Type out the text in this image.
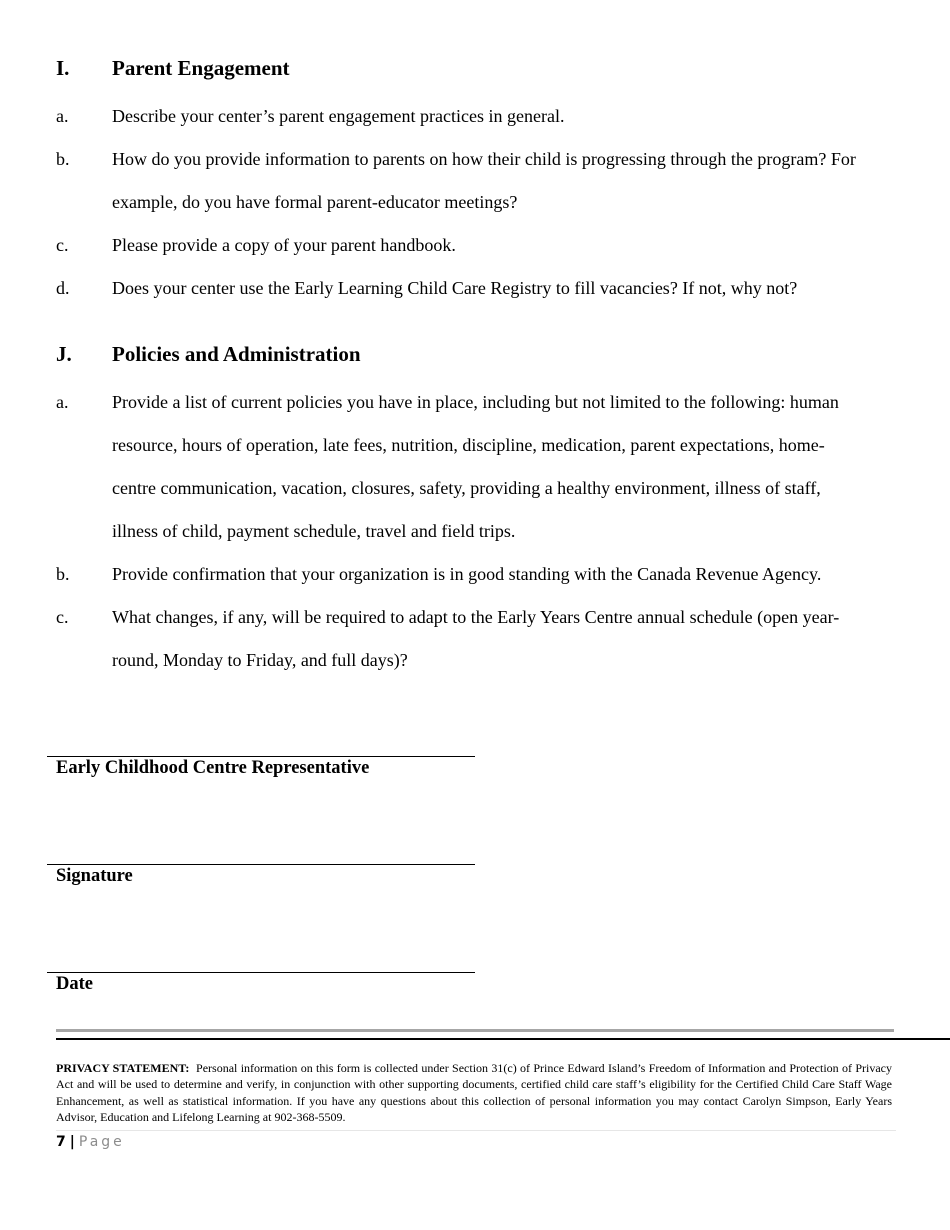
I. Parent Engagement
a. Describe your center’s parent engagement practices in general.
b. How do you provide information to parents on how their child is progressing through the program? For
example, do you have formal parent-educator meetings?
c. Please provide a copy of your parent handbook.
d. Does your center use the Early Learning Child Care Registry to fill vacancies? If not, why not?
J. Policies and Administration
a. Provide a list of current policies you have in place, including but not limited to the following: human
resource, hours of operation, late fees, nutrition, discipline, medication, parent expectations, home-
centre communication, vacation, closures, safety, providing a healthy environment, illness of staff,
illness of child, payment schedule, travel and field trips.
b. Provide confirmation that your organization is in good standing with the Canada Revenue Agency.
c. What changes, if any, will be required to adapt to the Early Years Centre annual schedule (open year-
round, Monday to Friday, and full days)?
Early Childhood Centre Representative
Signature
Date
PRIVACY STATEMENT: Personal information on this form is collected under Section 31(c) of Prince Edward Island’s Freedom of Information and Protection of Privacy Act and will be used to determine and verify, in conjunction with other supporting documents, certified child care staff’s eligibility for the Certified Child Care Staff Wage Enhancement, as well as statistical information. If you have any questions about this collection of personal information you may contact Carolyn Simpson, Early Years Advisor, Education and Lifelong Learning at 902-368-5509.
7 | Page
